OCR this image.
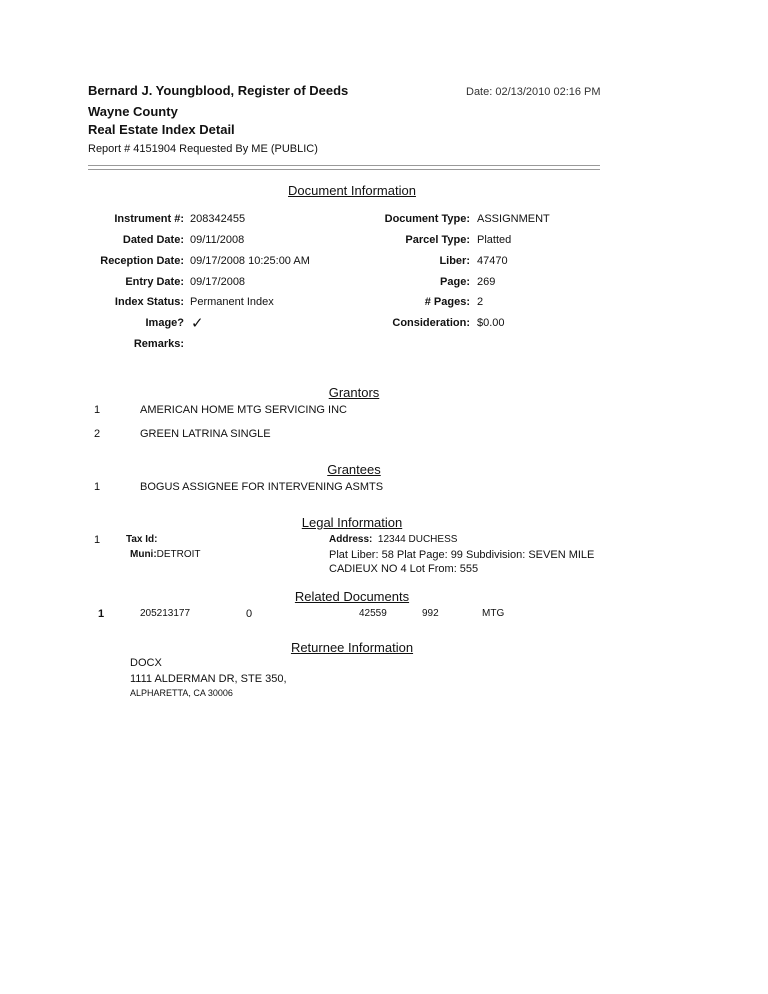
Bernard J. Youngblood, Register of Deeds	Date: 02/13/2010 02:16 PM
Wayne County
Real Estate Index Detail
Report # 4151904 Requested By ME (PUBLIC)
Document Information
Instrument #: 208342455
Dated Date: 09/11/2008
Reception Date: 09/17/2008 10:25:00 AM
Entry Date: 09/17/2008
Index Status: Permanent Index
Image? ✓
Remarks:
Document Type: ASSIGNMENT
Parcel Type: Platted
Liber: 47470
Page: 269
# Pages: 2
Consideration: $0.00
Grantors
1	AMERICAN HOME MTG SERVICING INC
2	GREEN LATRINA SINGLE
Grantees
1	BOGUS ASSIGNEE FOR INTERVENING ASMTS
Legal Information
1	Tax Id:
Muni:DETROIT
Address: 12344 DUCHESS
Plat Liber: 58 Plat Page: 99 Subdivision: SEVEN MILE
CADIEUX NO 4 Lot From: 555
Related Documents
1	205213177	0	42559	992	MTG
Returnee Information
DOCX
1111 ALDERMAN DR, STE 350,
ALPHARETTA, CA 30006
